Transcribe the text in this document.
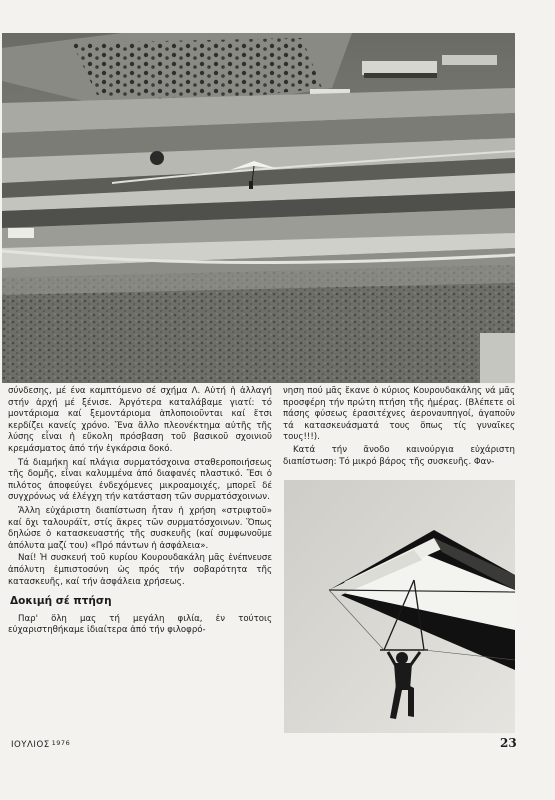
σύνδεσης, μέ ένα καμπτόμενο σέ σχήμα Λ. Αὐτή ἡ ἀλλαγή στήν ἀρχή μέ ξένισε. Ἀργότερα καταλάβαμε γιατί: τό μοντάριομα καί ξεμοντάριομα ἁπλοποιοῦνται καί ἔτσι κερδίζει κανείς χρόνο. Ἕνα ἄλλο πλεονέκτημα αὐτῆς τῆς λύσης εἶναι ἡ εὔκολη πρόσβαση τοῦ βασικοῦ σχοινιοῦ κρεμάσματος ἀπό τήν ἐγκάρσια δοκό.

Τά διαμήκη καί πλάγια συρματόσχοινα σταθεροποιήσεως τῆς δομῆς, εἶναι καλυμμένα ἀπό διαφανές πλαστικό. Ἔσι ὁ πιλότος ἀποφεύγει ἐνδεχόμενες μικροαμοιχές, μπορεῖ δέ συγχρόνως νά ἐλέγχη τήν κατάσταση τῶν συρματόσχοινων.

Ἄλλη εὐχάριστη διαπίστωση ἦταν ἡ χρήση «στριφτοῦ» καί ὄχι ταλουράϊτ, στίς ἄκρες τῶν συρματόσχοινων. Ὅπως δηλώσε ὁ κατασκευαστής τῆς συσκευῆς (καί συμφωνοῦμε ἀπόλυτα μαζί του) «Πρό πάντων ἡ ἀσφάλεια».

Ναί! Ἡ συσκευή τοῦ κυρίου Κουρουδακάλη μᾶς ἐνέπνευσε ἀπόλυτη ἐμπιστοσύνη ὡς πρός τήν σοβαρότητα τῆς κατασκευῆς, καί τήν ἀσφάλεια χρήσεως.

Δοκιμή σέ πτήση

Παρ' ὅλη μας τή μεγάλη φιλία, ἐν τούτοις εὐχαριστηθήκαμε ἰδιαίτερα ἀπό τήν φιλοφρό-

νηση πού μᾶς ἔκανε ὁ κύριος Κουρουδακάλης νά μᾶς προσφέρη τήν πρώτη πτήση τῆς ἡμέρας. (Βλέπετε οἱ πάσης φύσεως ἐρασιτέχνες ἀεροναυπηγοί, ἀγαποῦν τά κατασκευάσματά τους ὅπως τίς γυναῖκες τους!!!).

Κατά τήν ἄνοδο καινούργια εὐχάριστη διαπίστωση: Τό μικρό βάρος τῆς συσκευῆς. Φαν-

ΙΟΥΛΙΟΣ $^{1976}$	23
